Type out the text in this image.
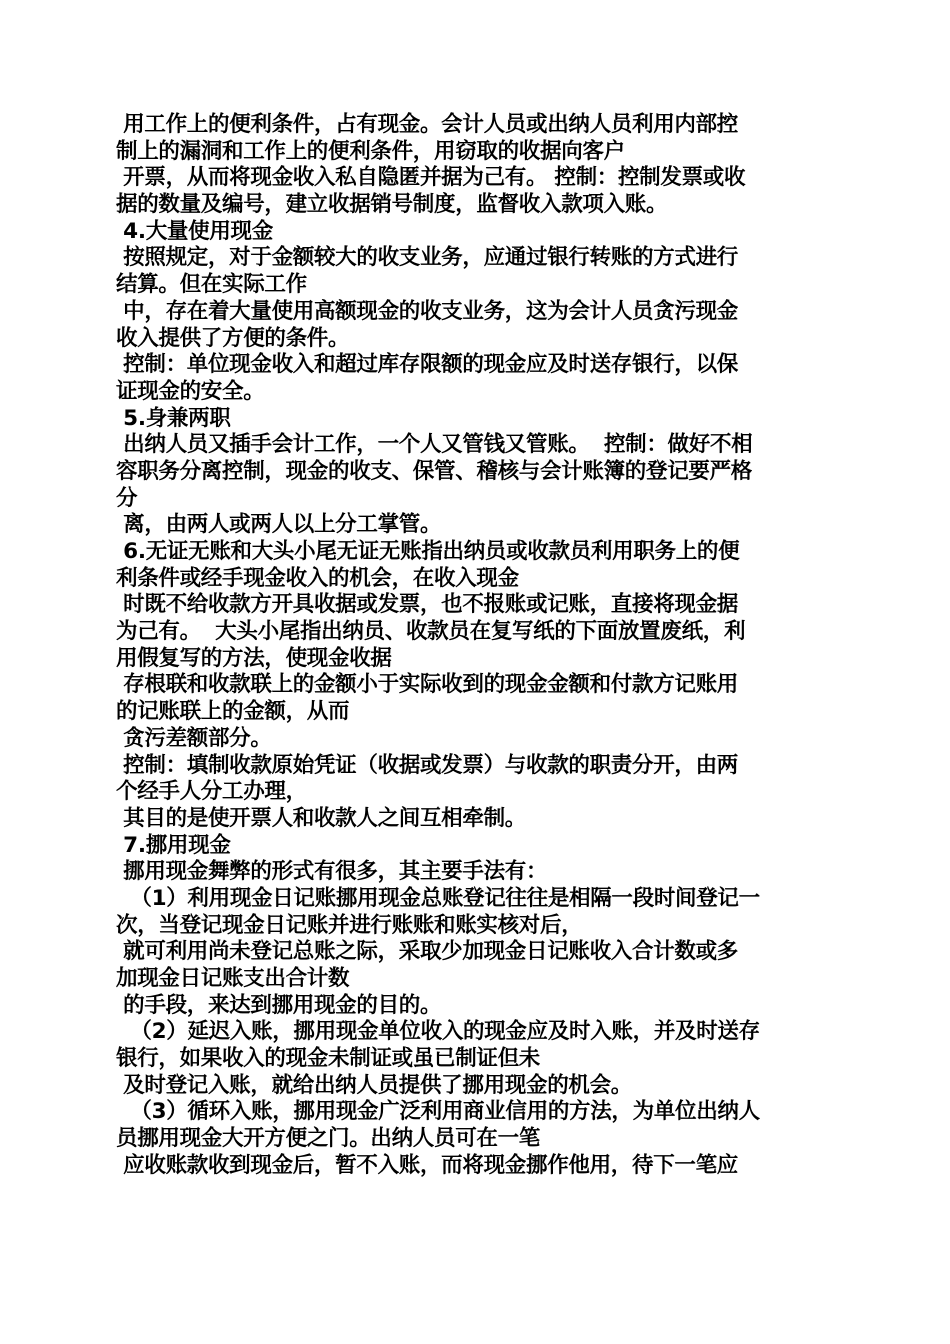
用工作上的便利条件，占有现金。会计人员或出纳人员利用内部控
制上的漏洞和工作上的便利条件，用窃取的收据向客户
开票，从而将现金收入私自隐匿并据为己有。 控制：控制发票或收
据的数量及编号，建立收据销号制度，监督收入款项入账。
4.大量使用现金
按照规定，对于金额较大的收支业务，应通过银行转账的方式进行
结算。但在实际工作
中，存在着大量使用高额现金的收支业务，这为会计人员贪污现金
收入提供了方便的条件。
控制：单位现金收入和超过库存限额的现金应及时送存银行，以保
证现金的安全。
5.身兼两职
出纳人员又插手会计工作，一个人又管钱又管账。  控制：做好不相
容职务分离控制，现金的收支、保管、稽核与会计账簿的登记要严格
分
离，由两人或两人以上分工掌管。
6.无证无账和大头小尾无证无账指出纳员或收款员利用职务上的便
利条件或经手现金收入的机会，在收入现金
时既不给收款方开具收据或发票，也不报账或记账，直接将现金据
为己有。  大头小尾指出纳员、收款员在复写纸的下面放置废纸，利
用假复写的方法，使现金收据
存根联和收款联上的金额小于实际收到的现金金额和付款方记账用
的记账联上的金额，从而
贪污差额部分。
控制：填制收款原始凭证（收据或发票）与收款的职责分开，由两
个经手人分工办理，
其目的是使开票人和收款人之间互相牵制。
7.挪用现金
挪用现金舞弊的形式有很多，其主要手法有：
（1）利用现金日记账挪用现金总账登记往往是相隔一段时间登记一
次，当登记现金日记账并进行账账和账实核对后，
就可利用尚未登记总账之际，采取少加现金日记账收入合计数或多
加现金日记账支出合计数
的手段，来达到挪用现金的目的。
（2）延迟入账，挪用现金单位收入的现金应及时入账，并及时送存
银行，如果收入的现金未制证或虽已制证但未
及时登记入账，就给出纳人员提供了挪用现金的机会。
（3）循环入账，挪用现金广泛利用商业信用的方法，为单位出纳人
员挪用现金大开方便之门。出纳人员可在一笔
应收账款收到现金后，暂不入账，而将现金挪作他用，待下一笔应
